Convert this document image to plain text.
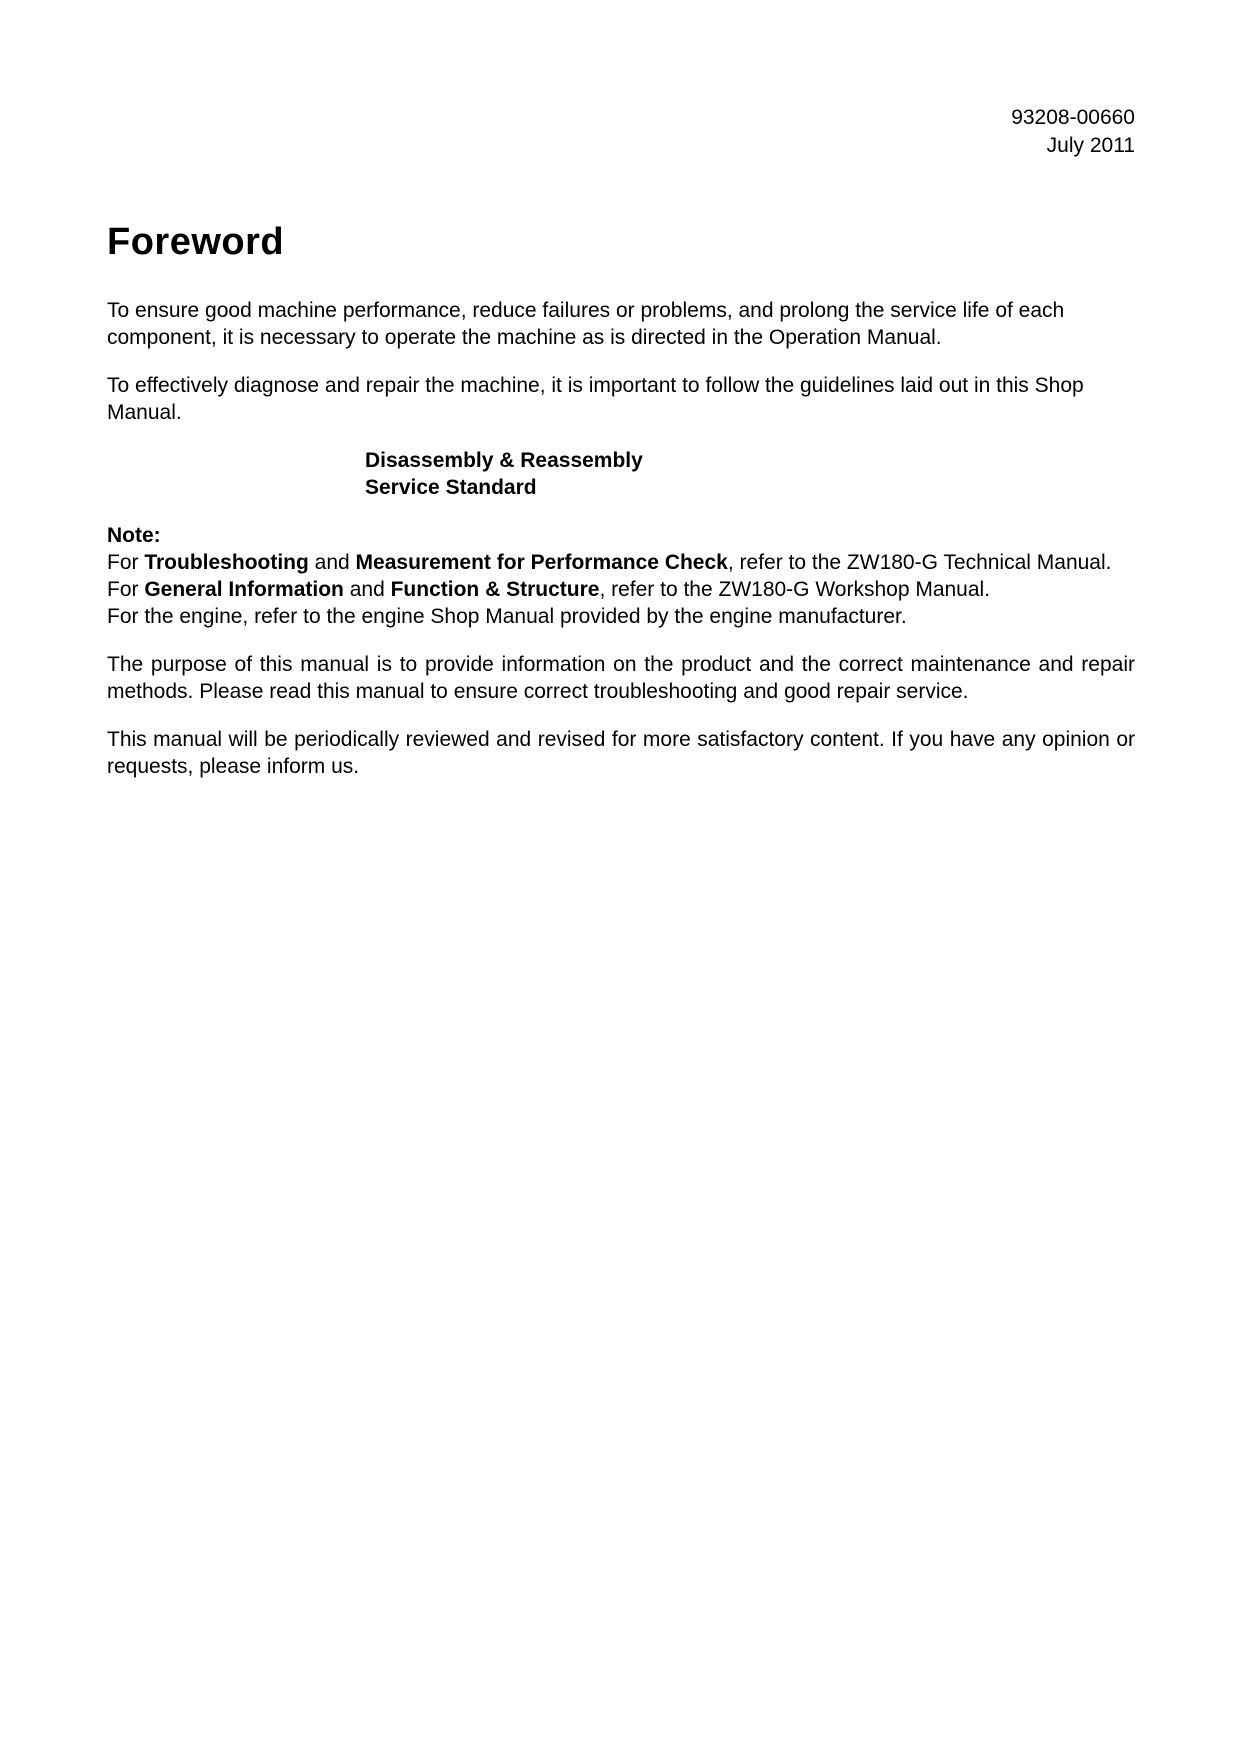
93208-00660
July 2011
Foreword

To ensure good machine performance, reduce failures or problems, and prolong the service life of each component, it is necessary to operate the machine as is directed in the Operation Manual.

To effectively diagnose and repair the machine, it is important to follow the guidelines laid out in this Shop Manual.

Disassembly & Reassembly
Service Standard
Note:
For Troubleshooting and Measurement for Performance Check, refer to the ZW180-G Technical Manual.
For General Information and Function & Structure, refer to the ZW180-G Workshop Manual.
For the engine, refer to the engine Shop Manual provided by the engine manufacturer.

The purpose of this manual is to provide information on the product and the correct maintenance and repair methods. Please read this manual to ensure correct troubleshooting and good repair service.

This manual will be periodically reviewed and revised for more satisfactory content. If you have any opinion or requests, please inform us.
